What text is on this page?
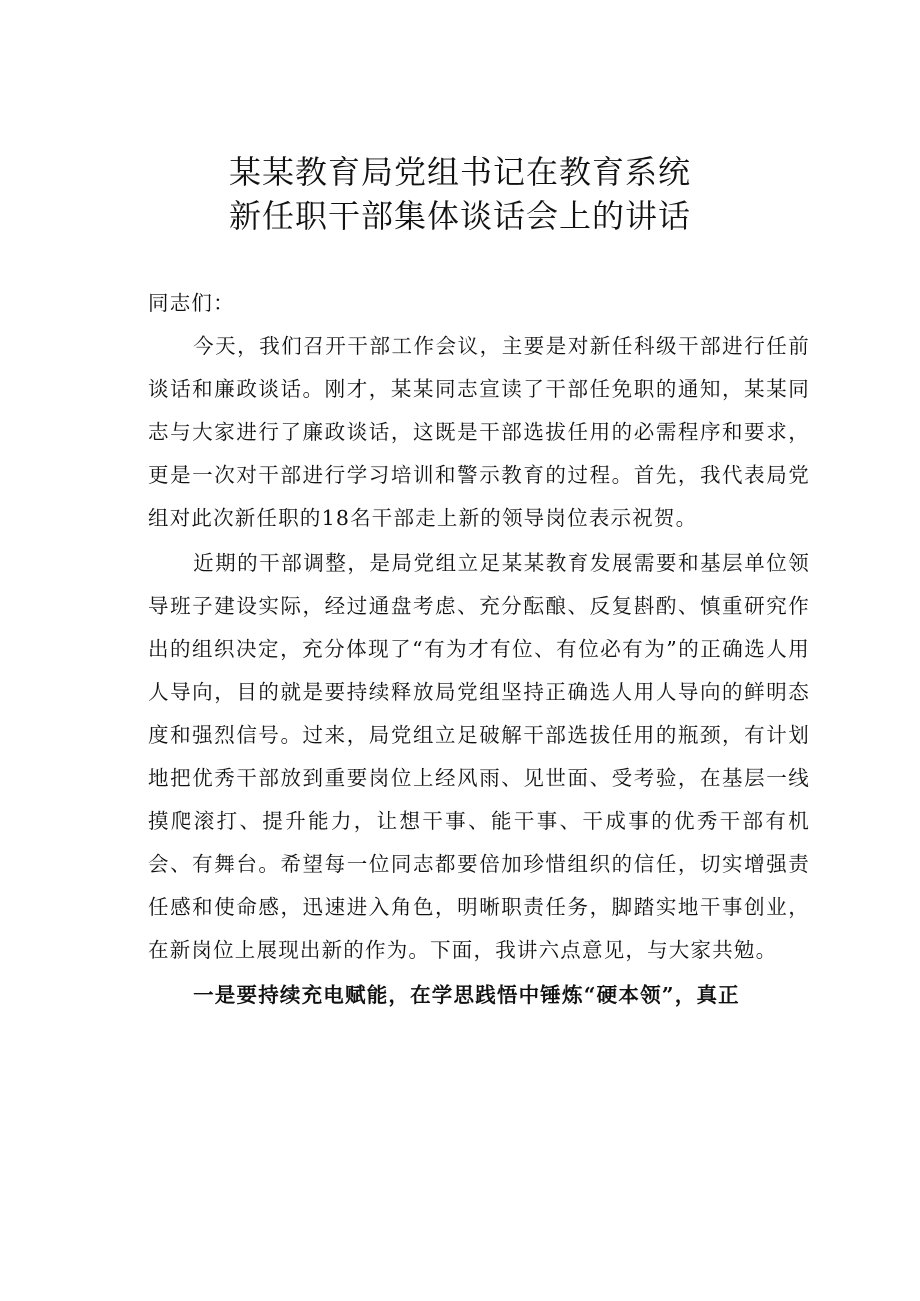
某某教育局党组书记在教育系统
新任职干部集体谈话会上的讲话
同志们：

今天，我们召开干部工作会议，主要是对新任科级干部进行任前谈话和廉政谈话。刚才，某某同志宣读了干部任免职的通知，某某同志与大家进行了廉政谈话，这既是干部选拔任用的必需程序和要求，更是一次对干部进行学习培训和警示教育的过程。首先，我代表局党组对此次新任职的18名干部走上新的领导岗位表示祝贺。

近期的干部调整，是局党组立足某某教育发展需要和基层单位领导班子建设实际，经过通盘考虑、充分酝酿、反复斟酌、慎重研究作出的组织决定，充分体现了“有为才有位、有位必有为”的正确选人用人导向，目的就是要持续释放局党组坚持正确选人用人导向的鲜明态度和强烈信号。过来，局党组立足破解干部选拔任用的瓶颈，有计划地把优秀干部放到重要岗位上经风雨、见世面、受考验，在基层一线摸爬滚打、提升能力，让想干事、能干事、干成事的优秀干部有机会、有舞台。希望每一位同志都要倍加珍惜组织的信任，切实增强责任感和使命感，迅速进入角色，明晰职责任务，脚踏实地干事创业，在新岗位上展现出新的作为。下面，我讲六点意见，与大家共勉。

一是要持续充电赋能，在学思践悟中锤炼“硬本领”，真正
